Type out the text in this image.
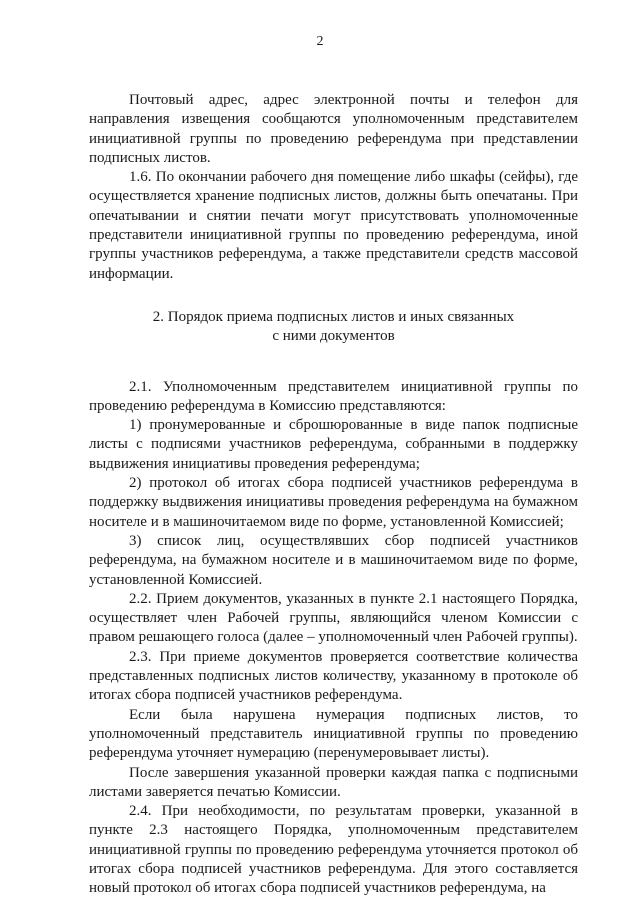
2

Почтовый адрес, адрес электронной почты и телефон для направления извещения сообщаются уполномоченным представителем инициативной группы по проведению референдума при представлении подписных листов.

1.6. По окончании рабочего дня помещение либо шкафы (сейфы), где осуществляется хранение подписных листов, должны быть опечатаны. При опечатывании и снятии печати могут присутствовать уполномоченные представители инициативной группы по проведению референдума, иной группы участников референдума, а также представители средств массовой информации.

2. Порядок приема подписных листов и иных связанных
с ними документов

2.1. Уполномоченным представителем инициативной группы по проведению референдума в Комиссию представляются:

1) пронумерованные и сброшюрованные в виде папок подписные листы с подписями участников референдума, собранными в поддержку выдвижения инициативы проведения референдума;

2) протокол об итогах сбора подписей участников референдума в поддержку выдвижения инициативы проведения референдума на бумажном носителе и в машиночитаемом виде по форме, установленной Комиссией;

3) список лиц, осуществлявших сбор подписей участников референдума, на бумажном носителе и в машиночитаемом виде по форме, установленной Комиссией.

2.2. Прием документов, указанных в пункте 2.1 настоящего Порядка, осуществляет член Рабочей группы, являющийся членом Комиссии с правом решающего голоса (далее – уполномоченный член Рабочей группы).

2.3. При приеме документов проверяется соответствие количества представленных подписных листов количеству, указанному в протоколе об итогах сбора подписей участников референдума.

Если была нарушена нумерация подписных листов, то уполномоченный представитель инициативной группы по проведению референдума уточняет нумерацию (перенумеровывает листы).

После завершения указанной проверки каждая папка с подписными листами заверяется печатью Комиссии.

2.4. При необходимости, по результатам проверки, указанной в пункте 2.3 настоящего Порядка, уполномоченным представителем инициативной группы по проведению референдума уточняется протокол об итогах сбора подписей участников референдума. Для этого составляется новый протокол об итогах сбора подписей участников референдума, на
